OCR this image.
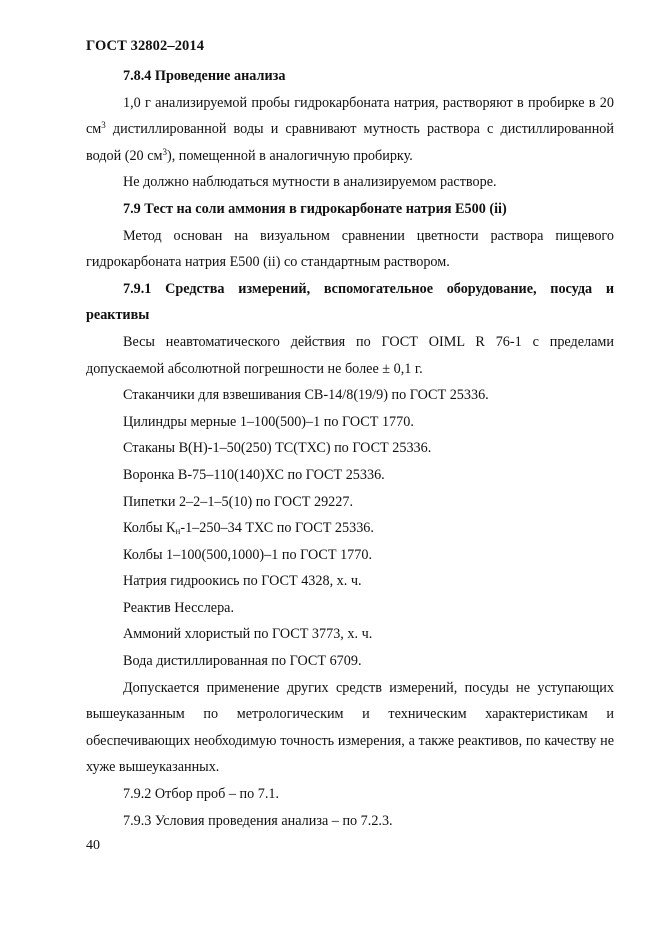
ГОСТ 32802–2014

7.8.4 Проведение анализа

1,0 г анализируемой пробы гидрокарбоната натрия, растворяют в пробирке в 20 $см^3$ дистиллированной воды и сравнивают мутность раствора с дистиллированной водой (20 $см^3$), помещенной в аналогичную пробирку.

Не должно наблюдаться мутности в анализируемом растворе.

7.9 Тест на соли аммония в гидрокарбонате натрия E500 (ii)

Метод основан на визуальном сравнении цветности раствора пищевого гидрокарбоната натрия E500 (ii) со стандартным раствором.

7.9.1 Средства измерений, вспомогательное оборудование, посуда и реактивы

Весы неавтоматического действия по ГОСТ OIML R 76-1 с пределами допускаемой абсолютной погрешности не более ± 0,1 г.

Стаканчики для взвешивания СВ-14/8(19/9) по ГОСТ 25336.

Цилиндры мерные 1–100(500)–1 по ГОСТ 1770.

Стаканы В(Н)-1–50(250) ТС(ТХС) по ГОСТ 25336.

Воронка В-75–110(140)ХС по ГОСТ 25336.

Пипетки 2–2–1–5(10) по ГОСТ 29227.

Колбы $К_н-1-250-34$ ТХС по ГОСТ 25336.

Колбы 1–100(500,1000)–1 по ГОСТ 1770.

Натрия гидроокись по ГОСТ 4328, х. ч.

Реактив Несслера.

Аммоний хлористый по ГОСТ 3773, х. ч.

Вода дистиллированная по ГОСТ 6709.

Допускается применение других средств измерений, посуды не уступающих вышеуказанным по метрологическим и техническим характеристикам и обеспечивающих необходимую точность измерения, а также реактивов, по качеству не хуже вышеуказанных.

7.9.2 Отбор проб – по 7.1.

7.9.3 Условия проведения анализа – по 7.2.3.

40
